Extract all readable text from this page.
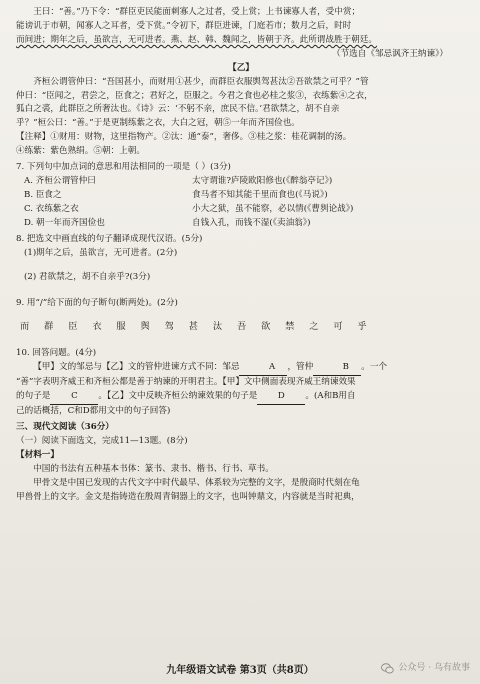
王曰：“善。”乃下令：“群臣吏民能面刺寡人之过者，受上赏；上书谏寡人者，受中赏；

能谤讥于市朝，闻寡人之耳者，受下赏。”令初下，群臣进谏，门庭若市；数月之后，时时

而间进；期年之后，虽欲言，无可进者。燕、赵、韩、魏闻之，皆朝于齐。此所谓战胜于朝廷。

（节选自《邹忌讽齐王纳谏》）

【乙】

齐桓公谓管仲曰：“吾国甚小，而财用①甚少，而群臣衣服舆驾甚汰②吾欲禁之可乎？”管

仲曰：“臣闻之，君尝之，臣食之；君好之，臣服之。今君之食也必桂之浆③，衣练紫④之衣，

狐白之裘，此群臣之所奢汰也。《诗》云：‘不躬不亲，庶民不信。’君欲禁之，胡不自亲

乎？”桓公曰：“善。”于是更制练紫之衣，大白之冠，朝⑤一年而齐国俭也。

【注释】①财用：财物，这里指物产。②汰：通“泰”，奢侈。③桂之浆：桂花调制的汤。

④练紫：紫色熟绢。⑤朝：上朝。

7. 下列句中加点词的意思和用法相同的一项是（ ）(3分)

A. 齐桓公谓管仲曰	太守谓谁?庐陵欧阳修也(《醉翁亭记》)
B. 臣食之	食马者不知其能千里而食也(《马说》)
C. 衣练紫之衣	小大之狱，虽不能察，必以情(《曹刿论战》)
D. 朝一年而齐国俭也	自钱入孔，而钱不湿(《卖油翁》)

8. 把选文中画直线的句子翻译成现代汉语。(5分)

(1)期年之后，虽欲言，无可进者。(2分)

(2) 君欲禁之，胡不自亲乎?(3分)

9. 用“/”给下面的句子断句(断两处)。(2分)

而 群 臣 衣 服 舆 驾 甚 汰 吾 欲 禁 之 可 乎

10. 回答问题。(4分)

【甲】文的邹忌与【乙】文的管仲进谏方式不同：邹忌	A ，管仲	B 。一个

“善”字表明齐威王和齐桓公都是善于纳谏的开明君主。【甲】文中侧面表现齐威王纳谏效果

的句子是 C 。【乙】文中反映齐桓公纳谏效果的句子是 D 。(A和B用自

己的话概括，C和D都用文中的句子回答)

三、现代文阅读（36分）

（一）阅读下面选文，完成11—13题。(8分)

【材料一】

中国的书法有五种基本书体：篆书、隶书、楷书、行书、草书。

甲骨文是中国已发现的古代文字中时代最早、体系较为完整的文字，是殷商时代刻在龟

甲兽骨上的文字。金文是指铸造在殷周青铜器上的文字，也叫钟鼎文，内容就是当时祀典，

九年级语文试卷 第3页（共8页）	公众号 · 乌有故事
